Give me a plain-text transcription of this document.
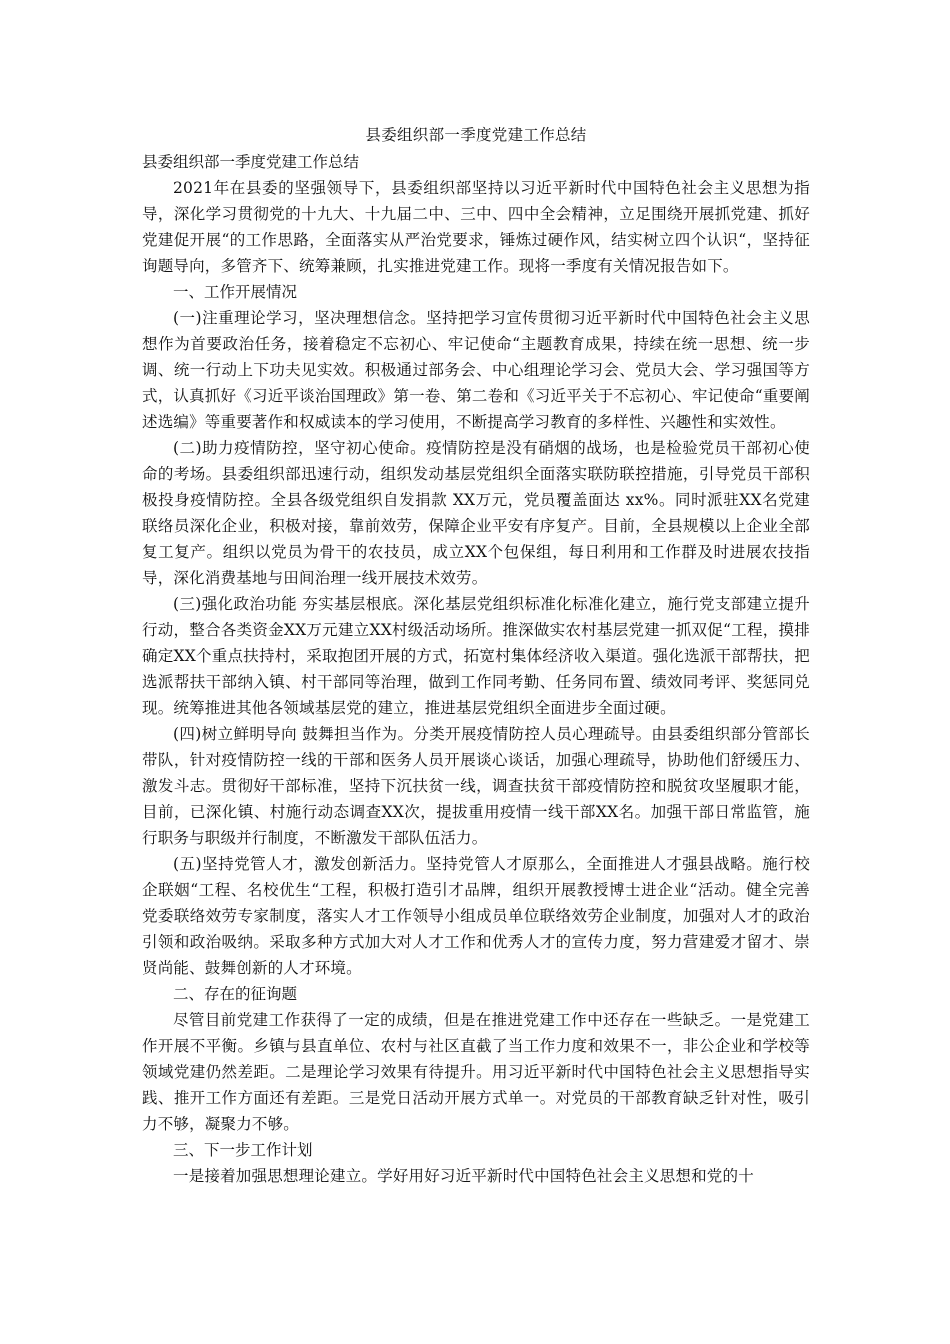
县委组织部一季度党建工作总结

县委组织部一季度党建工作总结

2021年在县委的坚强领导下，县委组织部坚持以习近平新时代中国特色社会主义思想为指导，深化学习贯彻党的十九大、十九届二中、三中、四中全会精神，立足围绕开展抓党建、抓好党建促开展“的工作思路，全面落实从严治党要求，锤炼过硬作风，结实树立四个认识“，坚持征询题导向，多管齐下、统筹兼顾，扎实推进党建工作。现将一季度有关情况报告如下。

一、工作开展情况

(一)注重理论学习，坚决理想信念。坚持把学习宣传贯彻习近平新时代中国特色社会主义思想作为首要政治任务，接着稳定不忘初心、牢记使命“主题教育成果，持续在统一思想、统一步调、统一行动上下功夫见实效。积极通过部务会、中心组理论学习会、党员大会、学习强国等方式，认真抓好《习近平谈治国理政》第一卷、第二卷和《习近平关于不忘初心、牢记使命“重要阐述选编》等重要著作和权威读本的学习使用，不断提高学习教育的多样性、兴趣性和实效性。

(二)助力疫情防控，坚守初心使命。疫情防控是没有硝烟的战场，也是检验党员干部初心使命的考场。县委组织部迅速行动，组织发动基层党组织全面落实联防联控措施，引导党员干部积极投身疫情防控。全县各级党组织自发捐款 XX万元，党员覆盖面达 xx%。同时派驻XX名党建联络员深化企业，积极对接，靠前效劳，保障企业平安有序复产。目前，全县规模以上企业全部复工复产。组织以党员为骨干的农技员，成立XX个包保组，每日利用和工作群及时进展农技指导，深化消费基地与田间治理一线开展技术效劳。

(三)强化政治功能 夯实基层根底。深化基层党组织标准化标准化建立，施行党支部建立提升行动，整合各类资金XX万元建立XX村级活动场所。推深做实农村基层党建一抓双促“工程，摸排确定XX个重点扶持村，采取抱团开展的方式，拓宽村集体经济收入渠道。强化选派干部帮扶，把选派帮扶干部纳入镇、村干部同等治理，做到工作同考勤、任务同布置、绩效同考评、奖惩同兑现。统筹推进其他各领域基层党的建立，推进基层党组织全面进步全面过硬。

(四)树立鲜明导向 鼓舞担当作为。分类开展疫情防控人员心理疏导。由县委组织部分管部长带队，针对疫情防控一线的干部和医务人员开展谈心谈话，加强心理疏导，协助他们舒缓压力、激发斗志。贯彻好干部标准，坚持下沉扶贫一线，调查扶贫干部疫情防控和脱贫攻坚履职才能，目前，已深化镇、村施行动态调查XX次，提拔重用疫情一线干部XX名。加强干部日常监管，施行职务与职级并行制度，不断激发干部队伍活力。

(五)坚持党管人才，激发创新活力。坚持党管人才原那么，全面推进人才强县战略。施行校企联姻“工程、名校优生“工程，积极打造引才品牌，组织开展教授博士进企业“活动。健全完善党委联络效劳专家制度，落实人才工作领导小组成员单位联络效劳企业制度，加强对人才的政治引领和政治吸纳。采取多种方式加大对人才工作和优秀人才的宣传力度，努力营建爱才留才、崇贤尚能、鼓舞创新的人才环境。

二、存在的征询题

尽管目前党建工作获得了一定的成绩，但是在推进党建工作中还存在一些缺乏。一是党建工作开展不平衡。乡镇与县直单位、农村与社区直截了当工作力度和效果不一，非公企业和学校等领域党建仍然差距。二是理论学习效果有待提升。用习近平新时代中国特色社会主义思想指导实践、推开工作方面还有差距。三是党日活动开展方式单一。对党员的干部教育缺乏针对性，吸引力不够，凝聚力不够。

三、下一步工作计划

一是接着加强思想理论建立。学好用好习近平新时代中国特色社会主义思想和党的十
